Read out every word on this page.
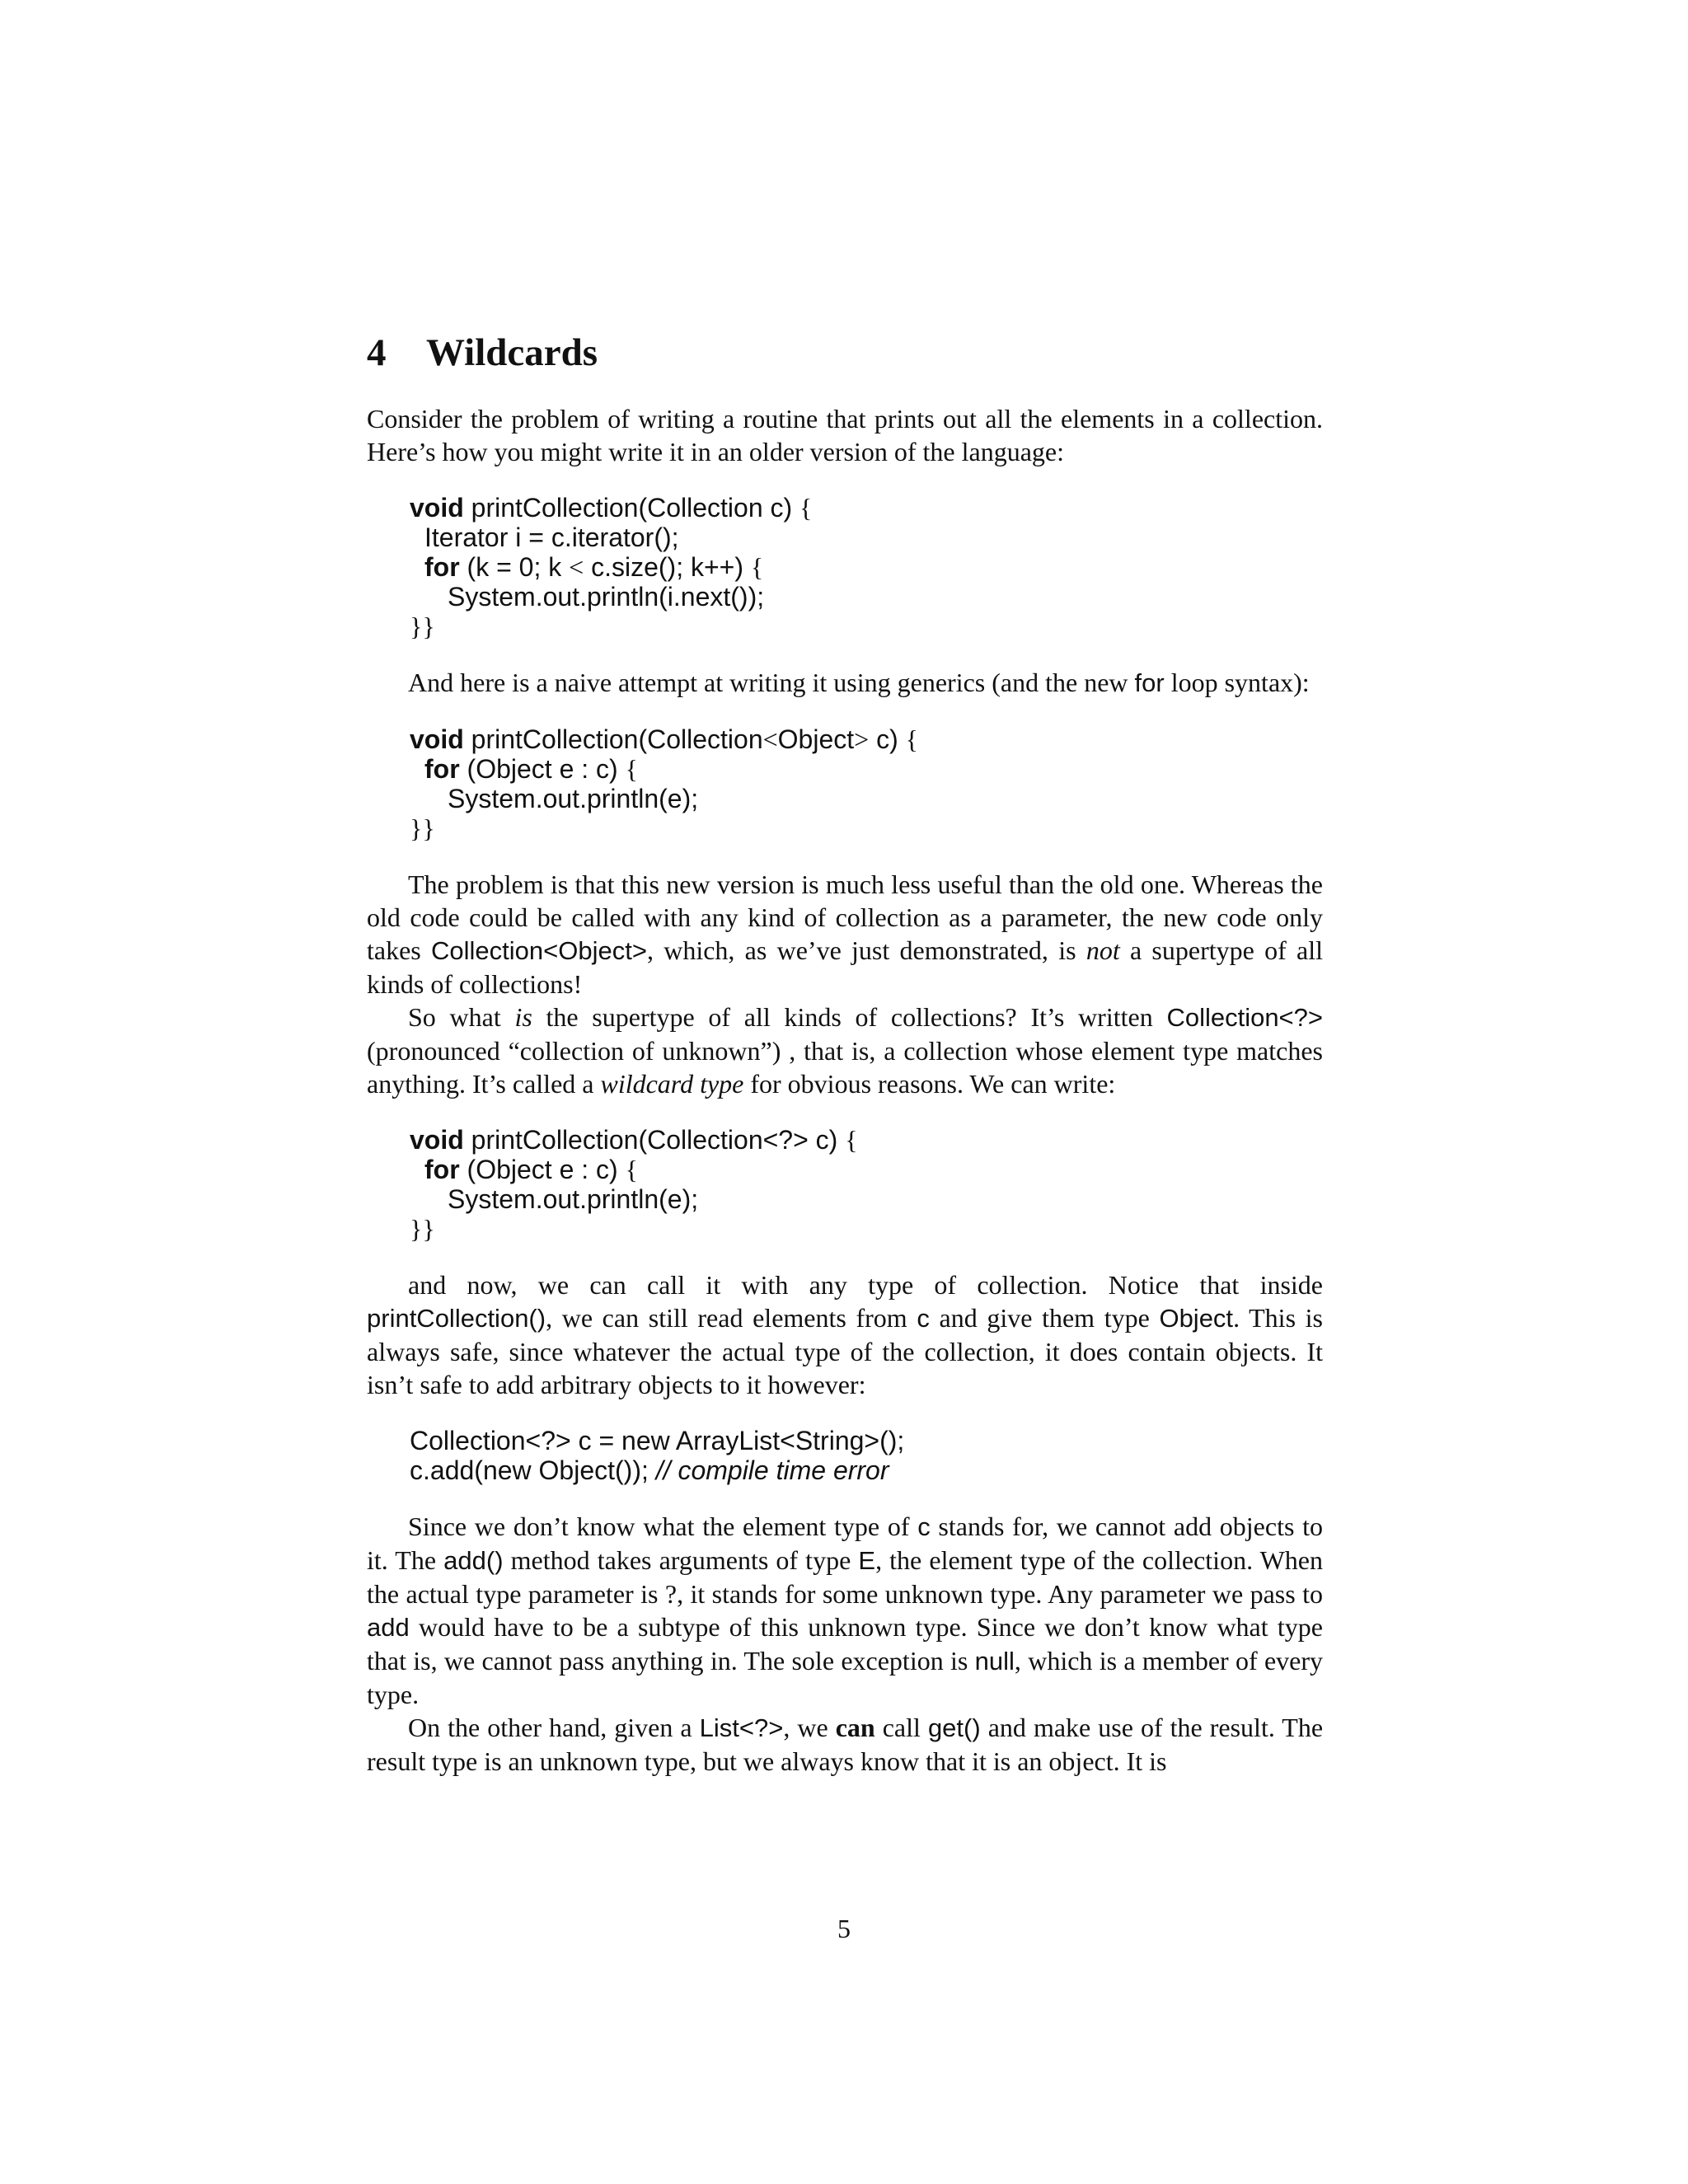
4	Wildcards

Consider the problem of writing a routine that prints out all the elements in a collection. Here’s how you might write it in an older version of the language:

void printCollection(Collection c) {
Iterator i = c.iterator();
for (k = 0; k < c.size(); k++) {
System.out.println(i.next());
}}

And here is a naive attempt at writing it using generics (and the new for loop syntax):

void printCollection(Collection<Object> c) {
for (Object e : c) {
System.out.println(e);
}}

The problem is that this new version is much less useful than the old one. Whereas the old code could be called with any kind of collection as a parameter, the new code only takes Collection<Object>, which, as we’ve just demonstrated, is not a supertype of all kinds of collections!

So what is the supertype of all kinds of collections? It’s written Collection<?> (pronounced “collection of unknown”) , that is, a collection whose element type matches anything. It’s called a wildcard type for obvious reasons. We can write:

void printCollection(Collection<?> c) {
for (Object e : c) {
System.out.println(e);
}}

and now, we can call it with any type of collection. Notice that inside printCollection(), we can still read elements from c and give them type Object. This is always safe, since whatever the actual type of the collection, it does contain objects. It isn’t safe to add arbitrary objects to it however:

Collection<?> c = new ArrayList<String>();
c.add(new Object()); // compile time error

Since we don’t know what the element type of c stands for, we cannot add objects to it. The add() method takes arguments of type E, the element type of the collection. When the actual type parameter is ?, it stands for some unknown type. Any parameter we pass to add would have to be a subtype of this unknown type. Since we don’t know what type that is, we cannot pass anything in. The sole exception is null, which is a member of every type.

On the other hand, given a List<?>, we can call get() and make use of the result. The result type is an unknown type, but we always know that it is an object. It is

5
